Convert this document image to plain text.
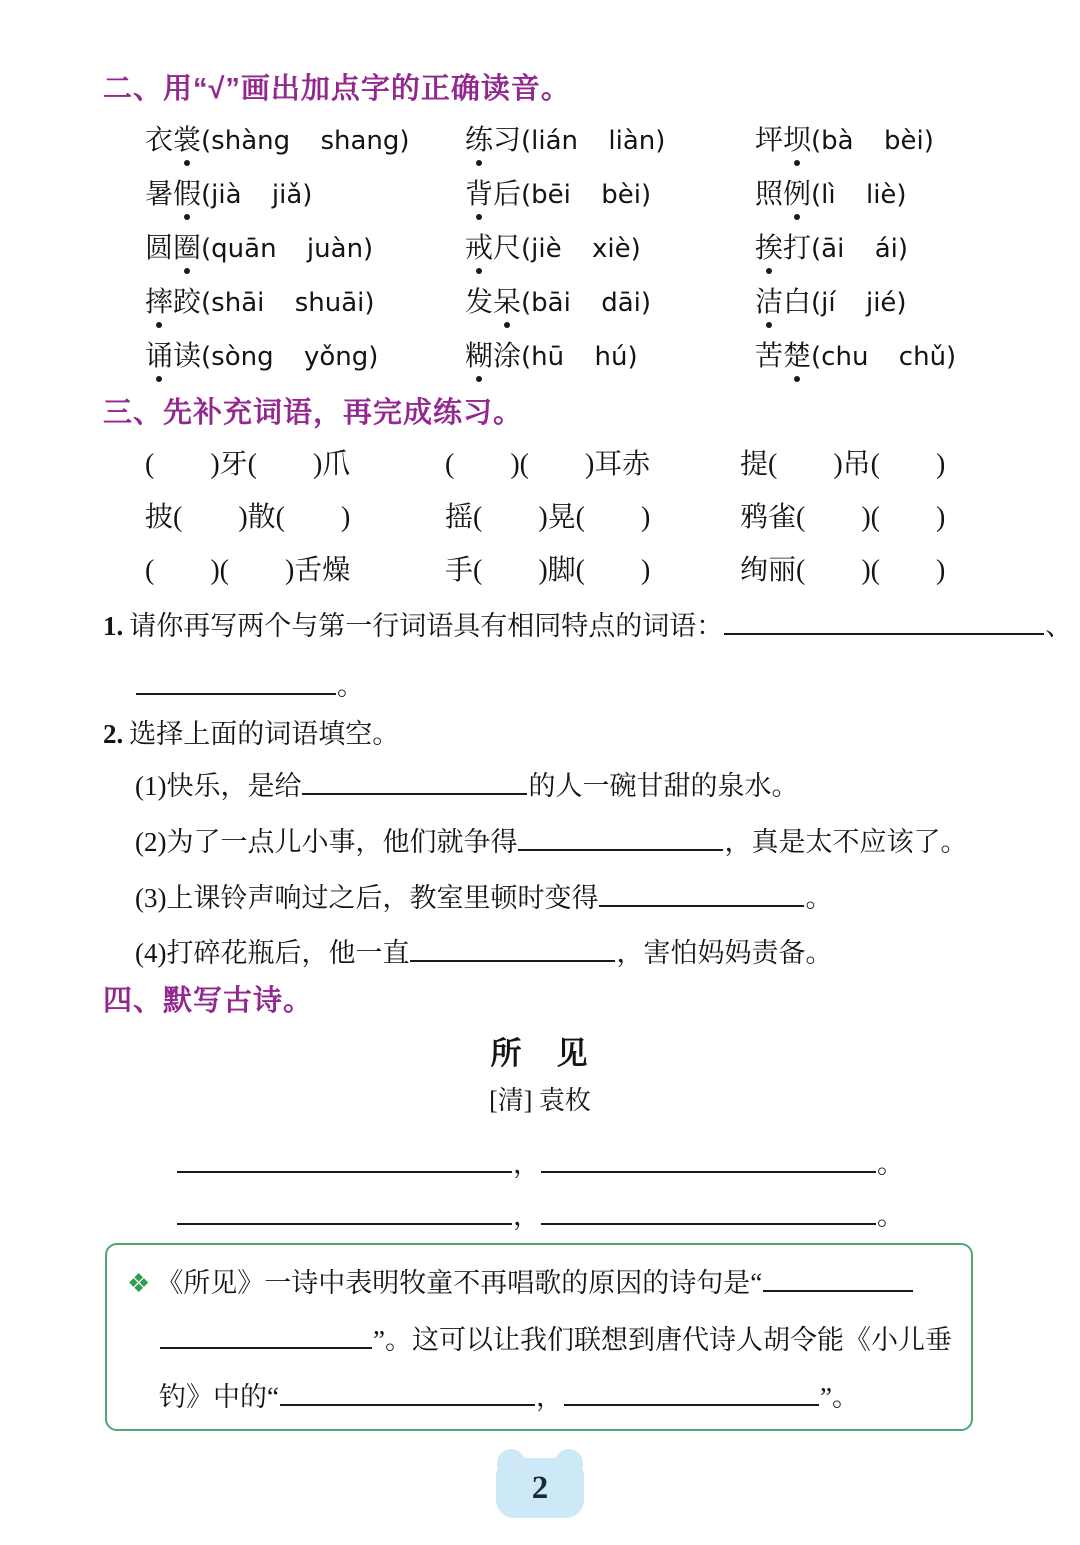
二、用“√”画出加点字的正确读音。
衣裳(shàng shang)	练习(lián liàn)	坪坝(bà bèi)
暑假(jià jiǎ)	背后(bēi bèi)	照例(lì liè)
圆圈(quān juàn)	戒尺(jiè xiè)	挨打(āi ái)
摔跤(shāi shuāi)	发呆(bāi dāi)	洁白(jí jié)
诵读(sòng yǒng)	糊涂(hū hú)	苦楚(chu chǔ)
三、先补充词语，再完成练习。
(　　)牙(　　)爪	(　　)(　　)耳赤	提(　　)吊(　　)
披(　　)散(　　)	摇(　　)晃(　　)	鸦雀(　　)(　　)
(　　)(　　)舌燥	手(　　)脚(　　)	绚丽(　　)(　　)
1. 请你再写两个与第一行词语具有相同特点的词语：	、
。
2. 选择上面的词语填空。
(1)快乐，是给	的人一碗甘甜的泉水。
(2)为了一点儿小事，他们就争得	，真是太不应该了。
(3)上课铃声响过之后，教室里顿时变得	。
(4)打碎花瓶后，他一直	，害怕妈妈责备。
四、默写古诗。
所　见
[清] 袁枚
，	。
，	。
❖ 《所见》一诗中表明牧童不再唱歌的原因的诗句是“
”。这可以让我们联想到唐代诗人胡令能《小儿垂
钓》中的“	，	”。
2
